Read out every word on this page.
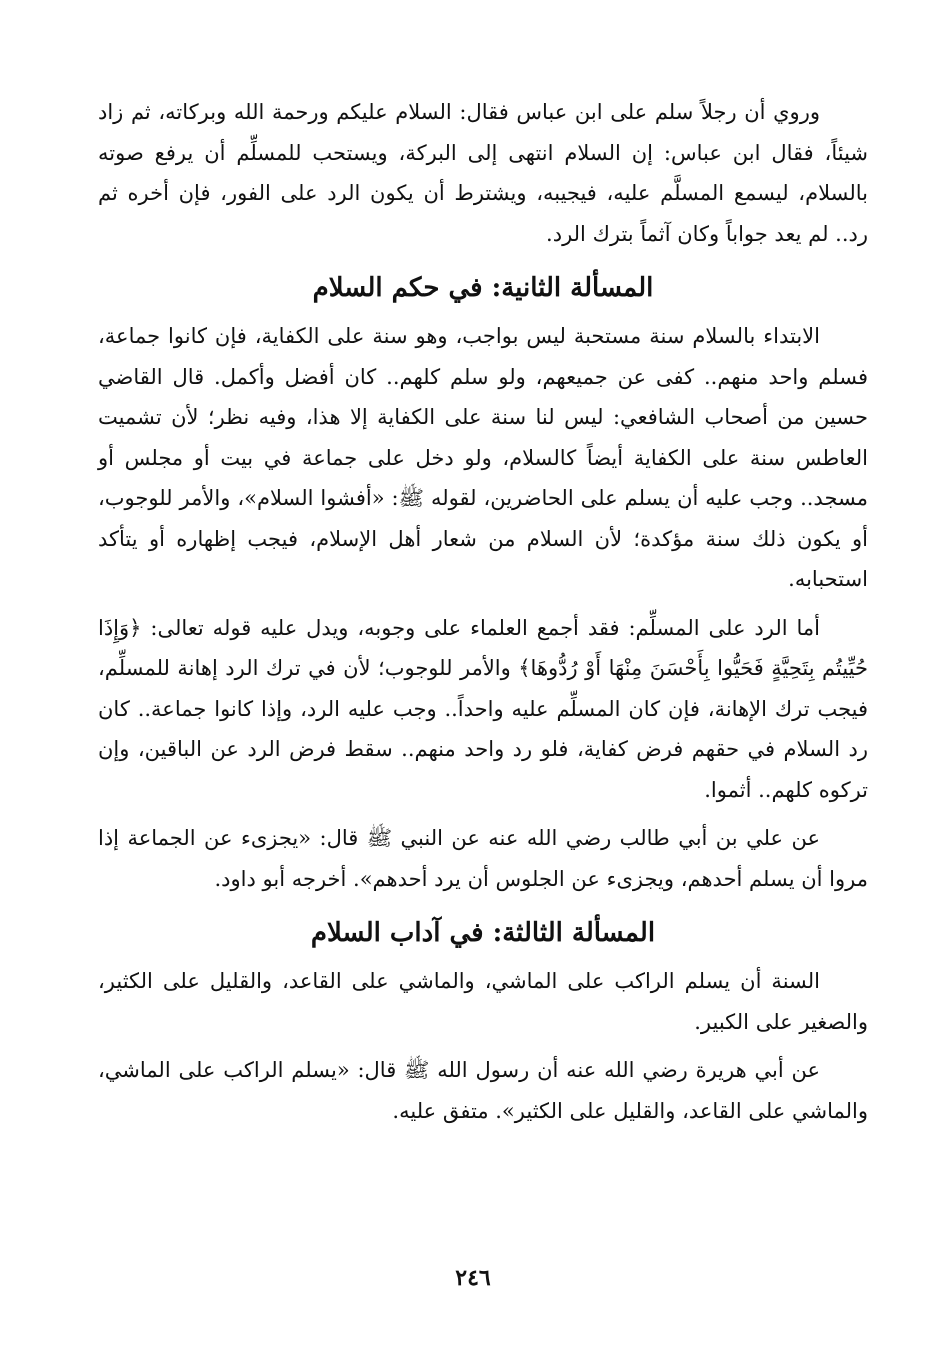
وروي أن رجلاً سلم على ابن عباس فقال: السلام عليكم ورحمة الله وبركاته، ثم زاد شيئاً، فقال ابن عباس: إن السلام انتهى إلى البركة، ويستحب للمسلِّم أن يرفع صوته بالسلام، ليسمع المسلَّم عليه، فيجيبه، ويشترط أن يكون الرد على الفور، فإن أخره ثم رد.. لم يعد جواباً وكان آثماً بترك الرد.

المسألة الثانية: في حكم السلام

الابتداء بالسلام سنة مستحبة ليس بواجب، وهو سنة على الكفاية، فإن كانوا جماعة، فسلم واحد منهم.. كفى عن جميعهم، ولو سلم كلهم.. كان أفضل وأكمل. قال القاضي حسين من أصحاب الشافعي: ليس لنا سنة على الكفاية إلا هذا، وفيه نظر؛ لأن تشميت العاطس سنة على الكفاية أيضاً كالسلام، ولو دخل على جماعة في بيت أو مجلس أو مسجد.. وجب عليه أن يسلم على الحاضرين، لقوله ﷺ: «أفشوا السلام»، والأمر للوجوب، أو يكون ذلك سنة مؤكدة؛ لأن السلام من شعار أهل الإسلام، فيجب إظهاره أو يتأكد استحبابه.

أما الرد على المسلِّم: فقد أجمع العلماء على وجوبه، ويدل عليه قوله تعالى: ﴿وَإِذَا حُيِّيتُم بِتَحِيَّةٍ فَحَيُّوا بِأَحْسَنَ مِنْهَا أَوْ رُدُّوهَا﴾ والأمر للوجوب؛ لأن في ترك الرد إهانة للمسلِّم، فيجب ترك الإهانة، فإن كان المسلِّم عليه واحداً.. وجب عليه الرد، وإذا كانوا جماعة.. كان رد السلام في حقهم فرض كفاية، فلو رد واحد منهم.. سقط فرض الرد عن الباقين، وإن تركوه كلهم.. أثموا.

عن علي بن أبي طالب رضي الله عنه عن النبي ﷺ قال: «يجزىء عن الجماعة إذا مروا أن يسلم أحدهم، ويجزىء عن الجلوس أن يرد أحدهم». أخرجه أبو داود.

المسألة الثالثة: في آداب السلام

السنة أن يسلم الراكب على الماشي، والماشي على القاعد، والقليل على الكثير، والصغير على الكبير.

عن أبي هريرة رضي الله عنه أن رسول الله ﷺ قال: «يسلم الراكب على الماشي، والماشي على القاعد، والقليل على الكثير». متفق عليه.

٢٤٦
